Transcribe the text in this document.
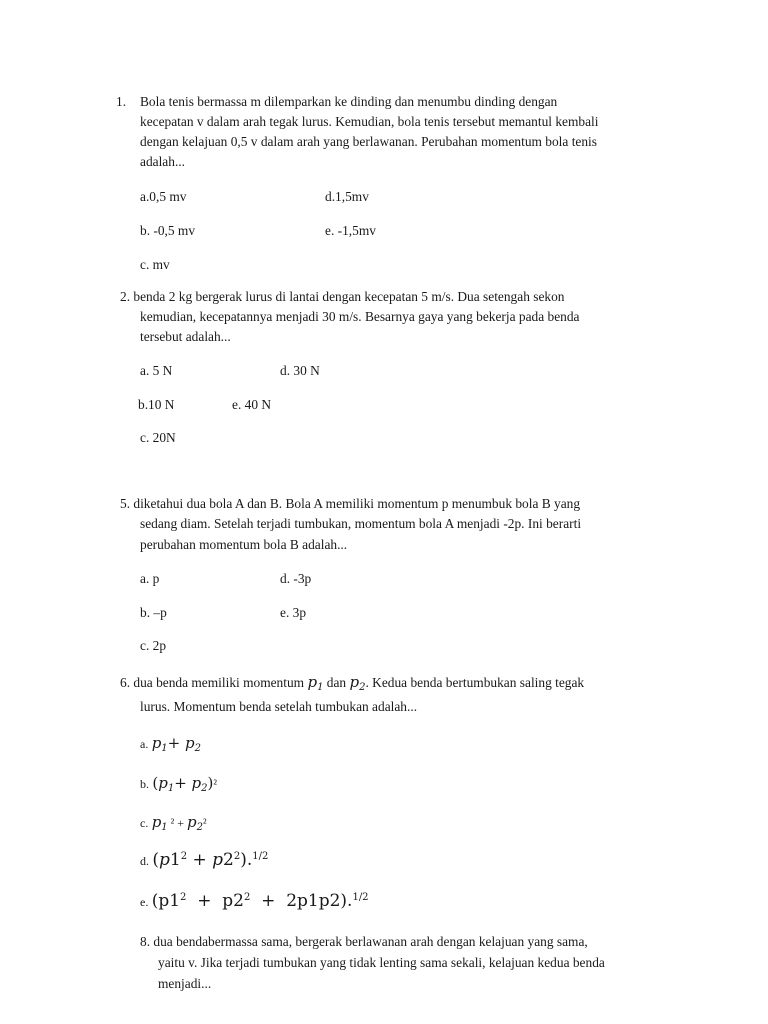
1. Bola tenis bermassa m dilemparkan ke dinding dan menumbu dinding dengan
kecepatan v dalam arah tegak lurus. Kemudian, bola tenis tersebut memantul kembali
dengan kelajuan 0,5 v dalam arah yang berlawanan. Perubahan momentum bola tenis
adalah...
a.0,5 mv	d.1,5mv
b. -0,5 mv	e. -1,5mv
c. mv
2. benda 2 kg bergerak lurus di lantai dengan kecepatan 5 m/s. Dua setengah sekon
kemudian, kecepatannya menjadi 30 m/s. Besarnya gaya yang bekerja pada benda
tersebut adalah...
a. 5 N	d. 30 N
b.10 N	e. 40 N
c. 20N
5. diketahui dua bola A dan B. Bola A memiliki momentum p menumbuk bola B yang
sedang diam. Setelah terjadi tumbukan, momentum bola A menjadi -2p. Ini berarti
perubahan momentum bola B adalah...
a. p	d. -3p
b. –p	e. 3p
c. 2p
6. dua benda memiliki momentum $p_1$ dan $p_2$. Kedua benda bertumbukan saling tegak
lurus. Momentum benda setelah tumbukan adalah...
a. $p_1+ p_2$
b. $(p_1+ p_2)^2$
c. $p_1$ $^2 + p_2^2$
d. $(p1^2 + p2^2).^{1/2}$
e. $(p1^2 + p2^2 + 2p1p2).^{1/2}$
8. dua bendabermassa sama, bergerak berlawanan arah dengan kelajuan yang sama,
yaitu v. Jika terjadi tumbukan yang tidak lenting sama sekali, kelajuan kedua benda
menjadi...
